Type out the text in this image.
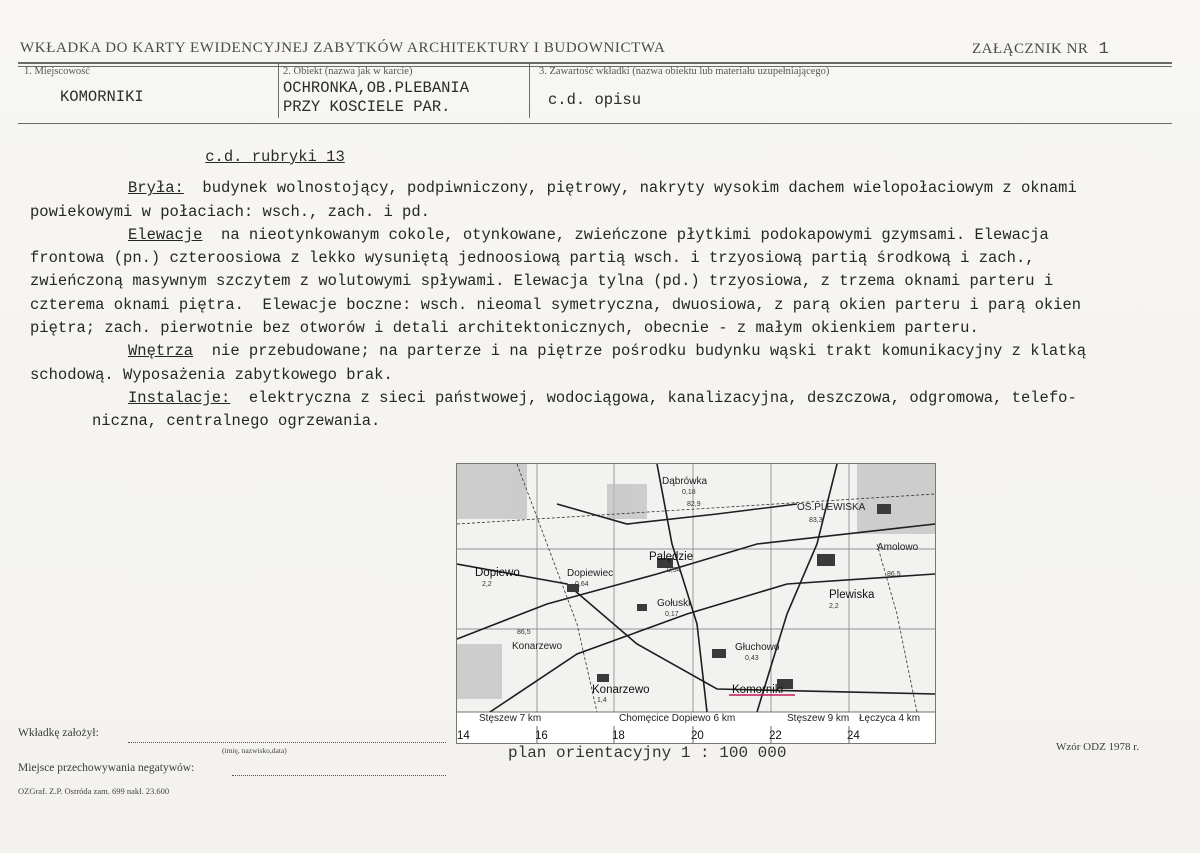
WKŁADKA DO KARTY EWIDENCYJNEJ ZABYTKÓW ARCHITEKTURY I BUDOWNICTWA	ZAŁĄCZNIK NR 1
1. Miejscowość
KOMORNIKI
2. Obiekt (nazwa jak w karcie)
OCHRONKA,OB.PLEBANIA
PRZY KOSCIELE PAR.
3. Zawartość wkładki (nazwa obiektu lub materiału uzupełniającego)
c.d. opisu

c.d. rubryki 13

Bryła:  budynek wolnostojący, podpiwniczony, piętrowy, nakryty wysokim dachem wielopołaciowym z oknami
powiekowymi w połaciach: wsch., zach. i pd.
Elewacje  na nieotynkowanym cokole, otynkowane, zwieńczone płytkimi podokapowymi gzymsami. Elewacja
frontowa (pn.) czteroosiowa z lekko wysuniętą jednoosiową partią wsch. i trzyosiową partią środkową i zach.,
zwieńczoną masywnym szczytem z wolutowymi spływami. Elewacja tylna (pd.) trzyosiowa, z trzema oknami parteru i
czterema oknami piętra.  Elewacje boczne: wsch. nieomal symetryczna, dwuosiowa, z parą okien parteru i parą okien
piętra; zach. pierwotnie bez otworów i detali architektonicznych, obecnie - z małym okienkiem parteru.
Wnętrza  nie przebudowane; na parterze i na piętrze pośrodku budynku wąski trakt komunikacyjny z klatką
schodową. Wyposażenia zabytkowego brak.
Instalacje:  elektryczna z sieci państwowej, wodociągowa, kanalizacyjna, deszczowa, odgromowa, telefo-
niczna, centralnego ogrzewania.

Dąbrówka
OS.PLEWISKA
Amolowo
Dopiewo	Dopiewiec
Palędzie
Plewiska
Konarzewo
Gołuski
Głuchowo
Konarzewo	Komorniki
0,18
82,9
83,3
86,5
2,2	0,64
0,54
2,2
0,17
0,43
86,5
1,4
Stęszew 7 km	Chomęcice Dopiewo 6 km	Stęszew 9 km Łęczyca 4 km
14	16	18	20	22	24
plan orientacyjny 1 : 100 000
Wkładkę założył:
(imię, nazwisko,data)
Miejsce przechowywania negatywów:
OZGraf. Z.P. Ostróda zam. 699 nakł. 23.600
Wzór ODZ 1978 r.
